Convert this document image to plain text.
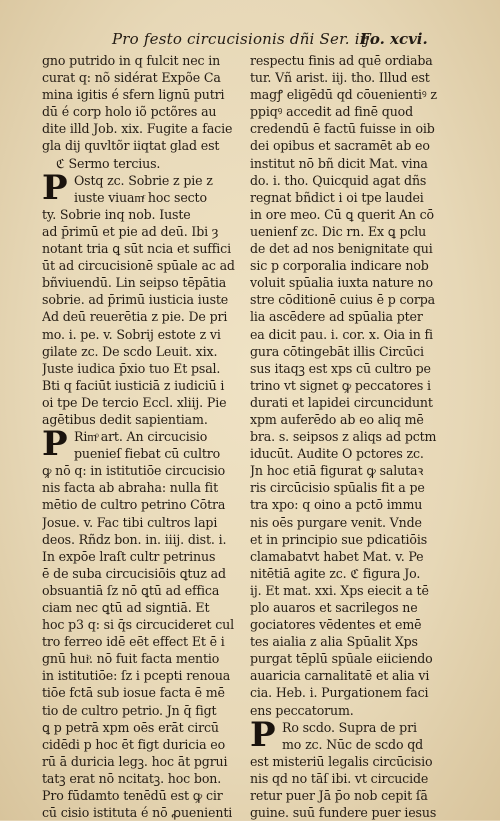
Pro festo circucisionis dñi Ser. iij.
Fo. xcvi.
gno putrido in q fulcit nec in
curat q: nõ sidérat Expõe Ca
mina igitis é sfern lignū putri
dū é corp holo iõ pctõres au
dite illd Job. xix. Fugite a facie
gla dij quvltõr iiqtat glad est
ℭ Sermo tercius.
P Ostq zc. Sobrie z pie z
iuste viuamͬ hoc secto
ty. Sobrie inq nob. Iuste
ad p̄rimū et pie ad deū. Ibi ȝ
notant tria ꝗ sūt ncia et suffici
ūt ad circucisionē spūale ac ad
bñviuendū. Lin seipso tēpātia
sobrie. ad p̄rimū iusticia iuste
Ad deū reuerētia z pie. De pri
mo. i. pe. v. Sobrij estote z vi
gilate zc. De scdo Leuit. xix.
Juste iudica p̄xio tuo Et psal.
Bti q faciūt iusticiā z iudiciū i
oi tpe De tercio Eccl. xliij. Pie
agētibus dedit sapientiam.
P Rimͦ art. An circucisio
puenieſ fiebat cū cultro
ꝙ nō q: in istitutiōe circucisio
nis facta ab abraha: nulla fit
mētio de cultro petrino Cōtra
Josue. v. Fac tibi cultros lapi
deos. Rñdz bon. in. iiij. dist. i.
In expōe lraſt cultr petrinus
ē de suba circucisiōis ꝗtuz ad
obsuantiā ſz nō ꝗtū ad effica
ciam nec ꝗtū ad signtiā. Et
hoc p3 q: si q̄s circucideret cul
tro ferreo idē eēt effect Et ē i
gnū huiͦ. nō fuit facta mentio
in istitutiōe: ſz i pcepti renoua
tiōe fctā sub iosue facta ē mē
tio de cultro petrio. Jn q̄ figt
ꝗ p petrā xpm oēs erāt circū
cidēdi p hoc ēt figt duricia eo
rū ā duricia legꝫ. hoc āt pgrui
tatꝫ erat nō ncitatꝫ. hoc bon.
Pro fūdamto tenēdū est ꝙ cir
cū cisio istituta é nō ꝓuenienti
respectu finis ad quē ordiaba
tur. Vñ arist. iij. tho. Illud est
magꝭ eligēdū qd cōuenientiꝰ z
ppiqꝰ accedit ad finē quod
credendū ē factū fuisse in oib
dei opibus et sacramēt ab eo
institut nō bñ dicit Mat. vina
do. i. tho. Quicquid agat dñs
regnat bñdict i oi tpe laudei
in ore meo. Cū ꝗ querit An cō
uenienf zc. Dic rn. Ex ꝗ pclu
de det ad nos benignitate qui
sic p corporalia indicare nob
voluit spūalia iuxta nature no
stre cōditionē cuius ē p corpa
lia ascēdere ad spūalia pter
ea dicit pau. i. cor. x. Oia in fi
gura cōtingebāt illis Circūci
sus itaqꝫ est xps cū cultro pe
trino vt signet ꝙ peccatores i
durati et lapidei circuncidunt
xpm auferēdo ab eo aliq mē
bra. s. seipsos z aliqs ad pctm
iducūt. Audite O pctores zc.
Jn hoc etiā figurat ꝙ salutaꝛ
ris circūcisio spūalis fit a pe
tra xpo: q oino a pctō immu
nis oēs purgare venit. Vnde
et in principio sue pdicatiōis
clamabatvt habet Mat. v. Pe
nitētiā agite zc. ℭ figura Jo.
ij. Et mat. xxi. Xps eiecit a tē
plo auaros et sacrilegos ne
gociatores vēdentes et emē
tes aialia z alia Spūalit Xps
purgat tēplū spūale eiiciendo
auaricia carnalitatē et alia vi
cia. Heb. i. Purgationem faci
ens peccatorum.
P Ro scdo. Supra de pri
mo zc. Nūc de scdo qd
est misteriū legalis circūcisio
nis qd no tāſ ibi. vt circucide
retur puer Jā p̄o nob cepit ſā
guine. suū fundere puer iesus
